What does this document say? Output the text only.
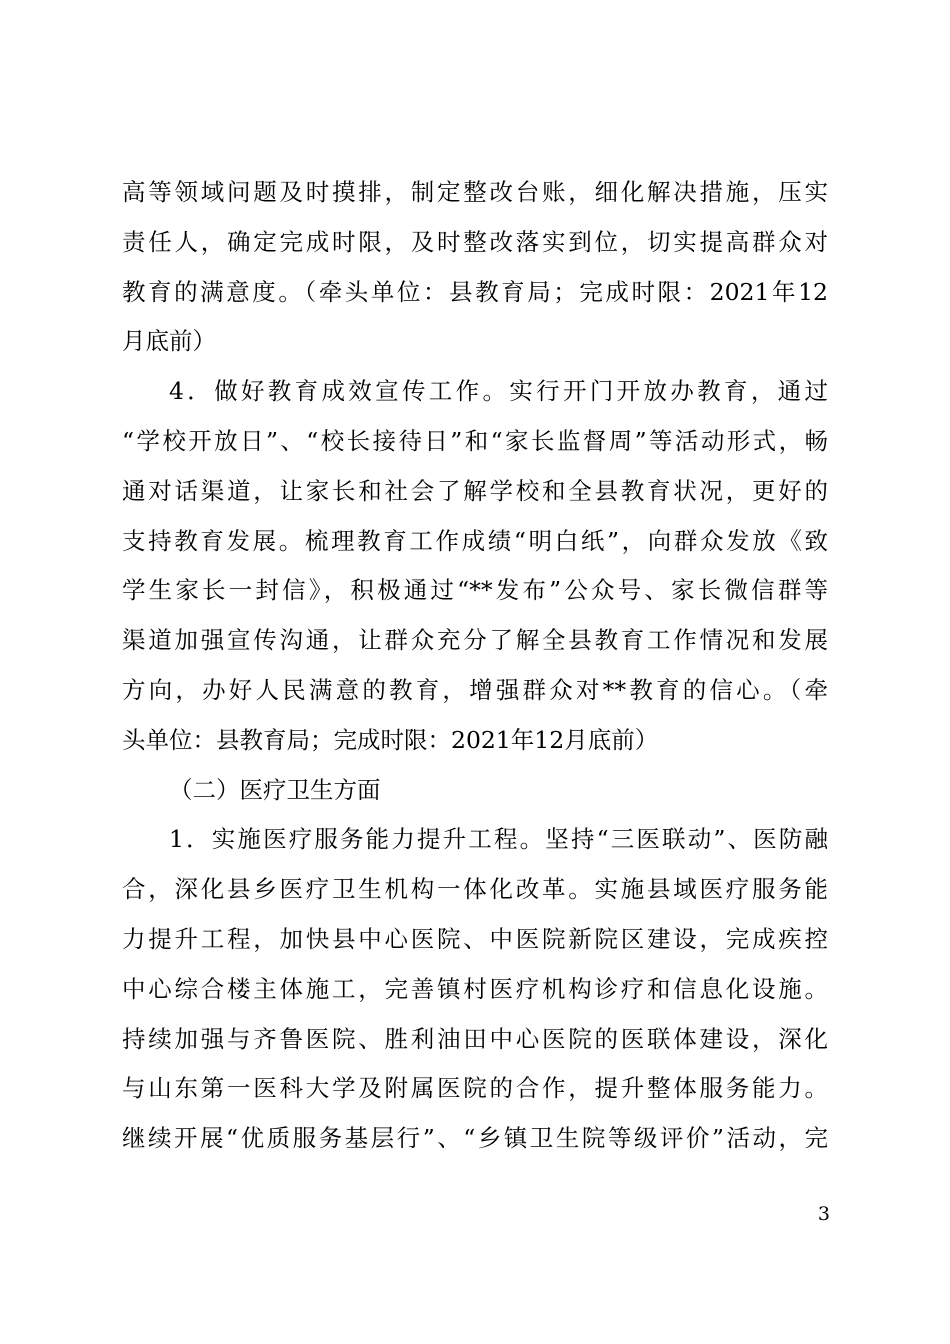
高等领域问题及时摸排，制定整改台账，细化解决措施，压实
责任人，确定完成时限，及时整改落实到位，切实提高群众对
教育的满意度。（牵头单位：县教育局；完成时限：2021年12
月底前）
4．做好教育成效宣传工作。实行开门开放办教育，通过
“学校开放日”、“校长接待日”和“家长监督周”等活动形式，畅
通对话渠道，让家长和社会了解学校和全县教育状况，更好的
支持教育发展。梳理教育工作成绩“明白纸”，向群众发放《致
学生家长一封信》，积极通过“**发布”公众号、家长微信群等
渠道加强宣传沟通，让群众充分了解全县教育工作情况和发展
方向，办好人民满意的教育，增强群众对**教育的信心。（牵
头单位：县教育局；完成时限：2021年12月底前）
（二）医疗卫生方面
1．实施医疗服务能力提升工程。坚持“三医联动”、医防融
合，深化县乡医疗卫生机构一体化改革。实施县域医疗服务能
力提升工程，加快县中心医院、中医院新院区建设，完成疾控
中心综合楼主体施工，完善镇村医疗机构诊疗和信息化设施。
持续加强与齐鲁医院、胜利油田中心医院的医联体建设，深化
与山东第一医科大学及附属医院的合作，提升整体服务能力。
继续开展“优质服务基层行”、“乡镇卫生院等级评价”活动，完
3
